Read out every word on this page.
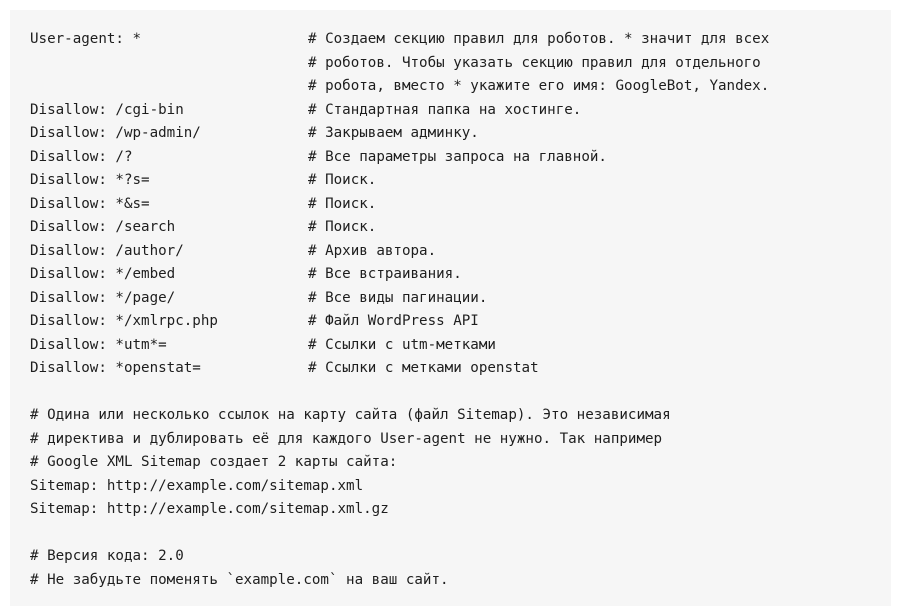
User-agent: *	# Создаем секцию правил для роботов. * значит для всех
# роботов. Чтобы указать секцию правил для отдельного
# робота, вместо * укажите его имя: GoogleBot, Yandex.
Disallow: /cgi-bin	# Стандартная папка на хостинге.
Disallow: /wp-admin/	# Закрываем админку.
Disallow: /?	# Все параметры запроса на главной.
Disallow: *?s=	# Поиск.
Disallow: *&s=	# Поиск.
Disallow: /search	# Поиск.
Disallow: /author/	# Архив автора.
Disallow: */embed	# Все встраивания.
Disallow: */page/	# Все виды пагинации.
Disallow: */xmlrpc.php	# Файл WordPress API
Disallow: *utm*=	# Ссылки с utm-метками
Disallow: *openstat=	# Ссылки с метками openstat
# Одина или несколько ссылок на карту сайта (файл Sitemap). Это независимая
# директива и дублировать её для каждого User-agent не нужно. Так например
# Google XML Sitemap создает 2 карты сайта:
Sitemap: http://example.com/sitemap.xml
Sitemap: http://example.com/sitemap.xml.gz
# Версия кода: 2.0
# Не забудьте поменять `example.com` на ваш сайт.
